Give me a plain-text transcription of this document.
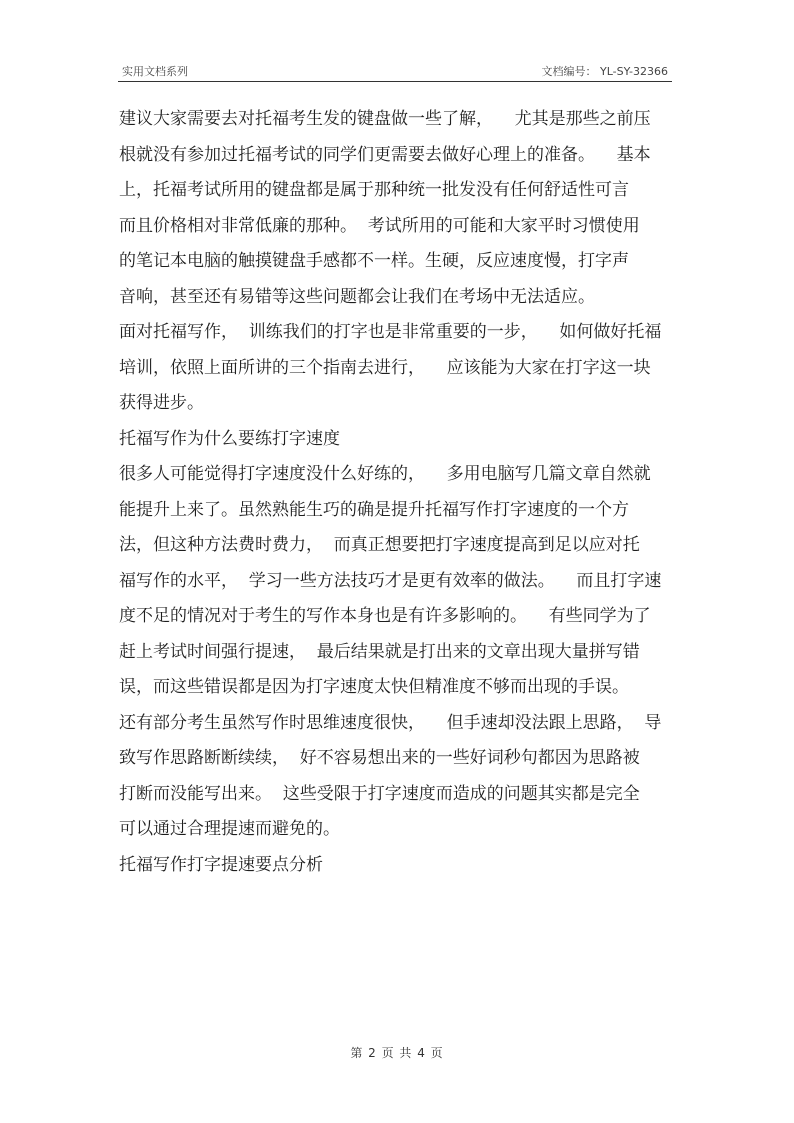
实用文档系列	文档编号： YL-SY-32366
建议大家需要去对托福考生发的键盘做一些了解，    尤其是那些之前压
根就没有参加过托福考试的同学们更需要去做好心理上的准备。    基本
上，托福考试所用的键盘都是属于那种统一批发没有任何舒适性可言
而且价格相对非常低廉的那种。  考试所用的可能和大家平时习惯使用
的笔记本电脑的触摸键盘手感都不一样。生硬，反应速度慢，打字声
音响，甚至还有易错等这些问题都会让我们在考场中无法适应。
面对托福写作，  训练我们的打字也是非常重要的一步，    如何做好托福
培训，依照上面所讲的三个指南去进行，    应该能为大家在打字这一块
获得进步。
托福写作为什么要练打字速度
很多人可能觉得打字速度没什么好练的，    多用电脑写几篇文章自然就
能提升上来了。虽然熟能生巧的确是提升托福写作打字速度的一个方
法，但这种方法费时费力，  而真正想要把打字速度提高到足以应对托
福写作的水平，  学习一些方法技巧才是更有效率的做法。    而且打字速
度不足的情况对于考生的写作本身也是有许多影响的。    有些同学为了
赶上考试时间强行提速，  最后结果就是打出来的文章出现大量拼写错
误，而这些错误都是因为打字速度太快但精准度不够而出现的手误。
还有部分考生虽然写作时思维速度很快，    但手速却没法跟上思路，  导
致写作思路断断续续，  好不容易想出来的一些好词秒句都因为思路被
打断而没能写出来。  这些受限于打字速度而造成的问题其实都是完全
可以通过合理提速而避免的。
托福写作打字提速要点分析
第 2 页 共 4 页
